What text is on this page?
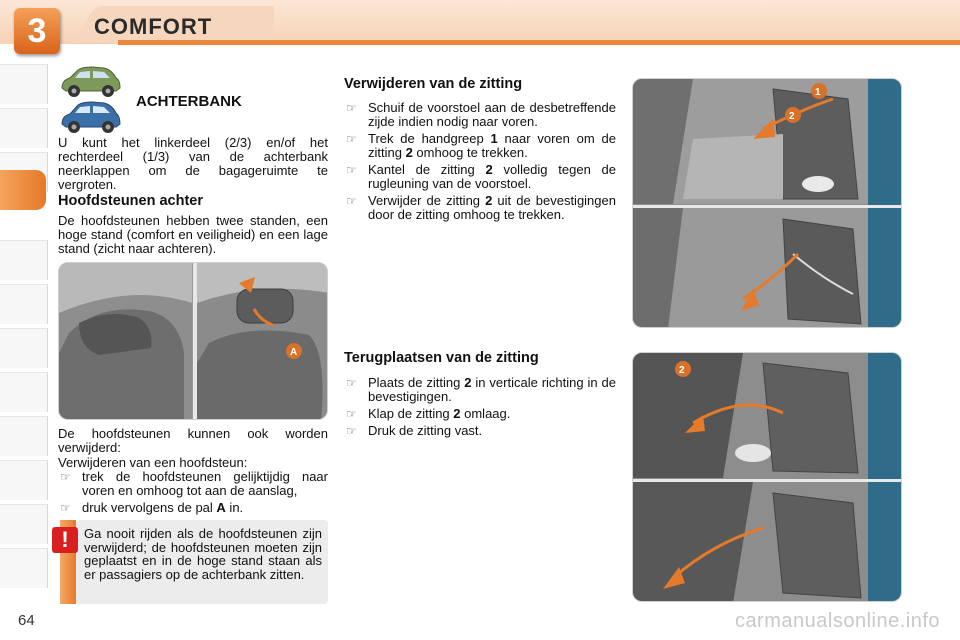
3	COMFORT
ACHTERBANK
U kunt het linkerdeel (2/3) en/of het rechterdeel (1/3) van de achterbank neerklappen om de bagageruimte te vergroten.
Hoofdsteunen achter
De hoofdsteunen hebben twee standen, een hoge stand (comfort en veiligheid) en een lage stand (zicht naar achteren).
A
De hoofdsteunen kunnen ook worden verwijderd:
Verwijderen van een hoofdsteun:
☞
trek de hoofdsteunen gelijktijdig naar voren en omhoog tot aan de aanslag,
☞
druk vervolgens de pal A in.
!	Ga nooit rijden als de hoofdsteunen zijn verwijderd; de hoofdsteunen moeten zijn geplaatst en in de hoge stand staan als er passagiers op de achterbank zitten.
64
Verwijderen van de zitting
☞
Schuif de voorstoel aan de desbetreffende zijde indien nodig naar voren.
☞
Trek de handgreep 1 naar voren om de zitting 2 omhoog te trekken.
☞
Kantel de zitting 2 volledig tegen de rugleuning van de voorstoel.
☞
Verwijder de zitting 2 uit de bevestigingen door de zitting omhoog te trekken.
Terugplaatsen van de zitting
☞
Plaats de zitting 2 in verticale richting in de bevestigingen.
☞
Klap de zitting 2 omlaag.
☞
Druk de zitting vast.
1
2
2
carmanualsonline.info
